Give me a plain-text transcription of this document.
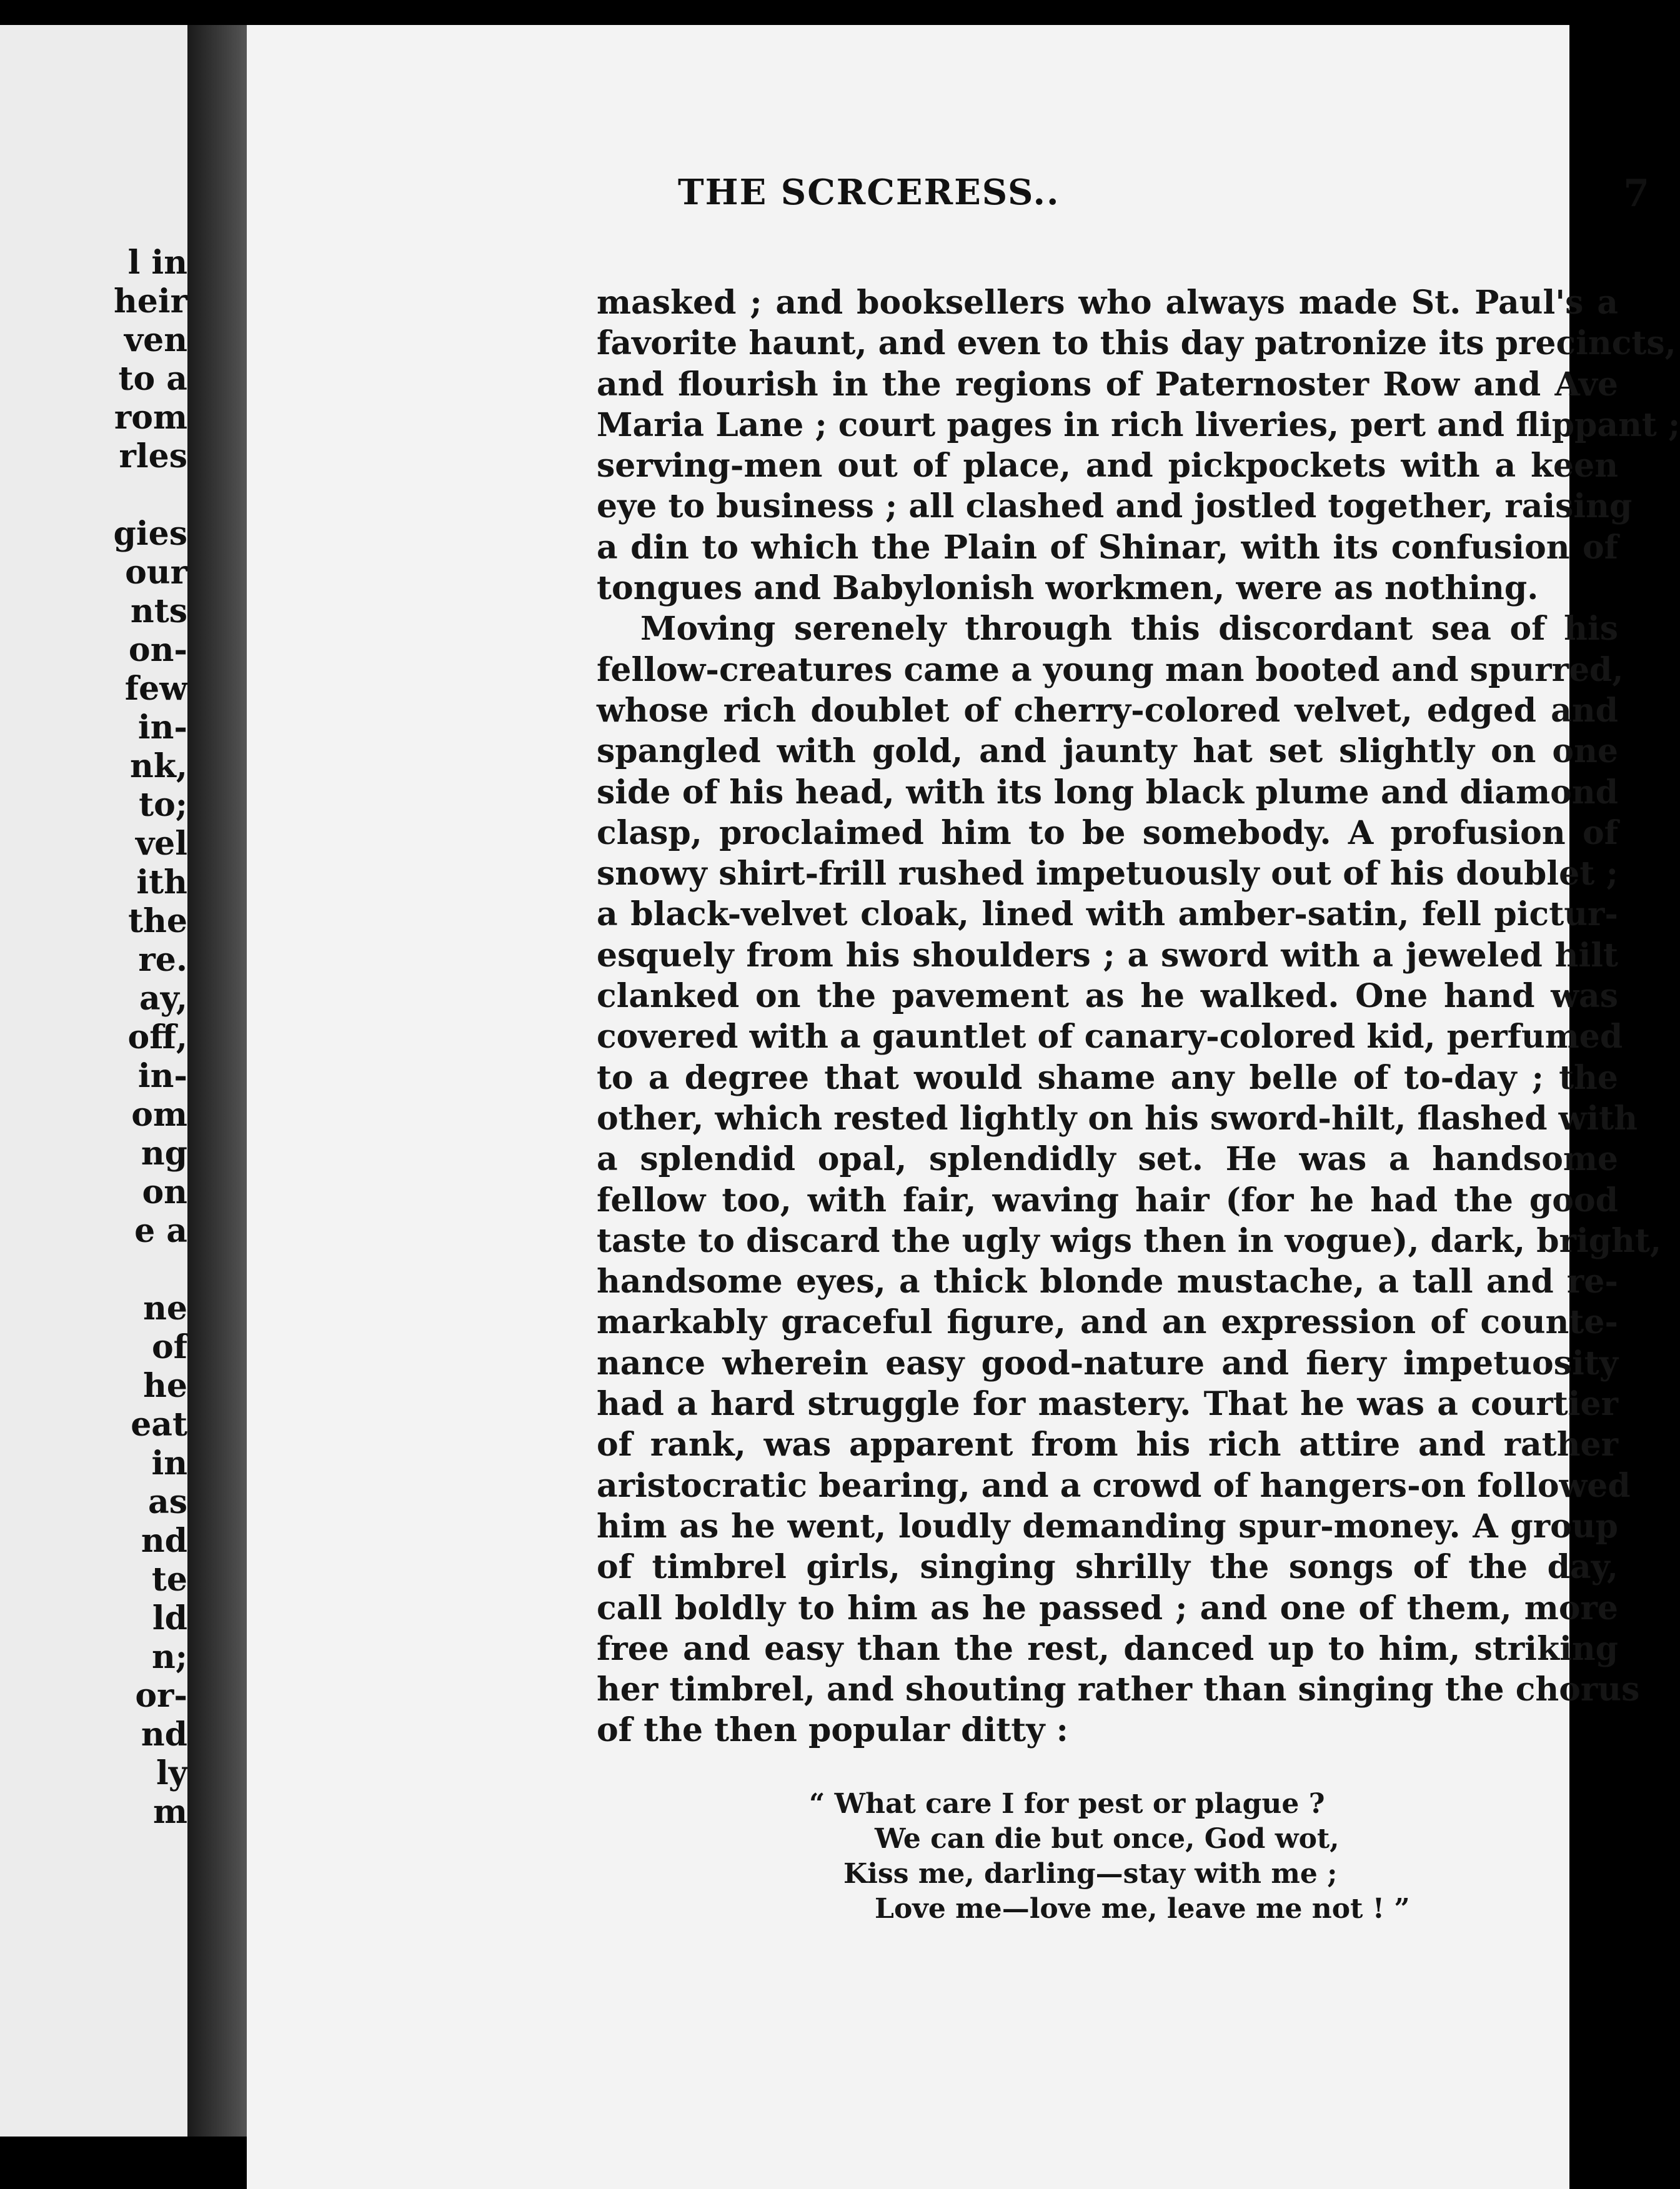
l in
heir
ven
to a
rom
rles
gies
our
nts
on-
few
in-
nk,
to;
vel
ith
the
re.
ay,
off,
in-
om
ng
on
e a
ne
of
he
eat
in
as
nd
te
ld
n;
or-
nd
ly
m
THE SCRCERESS..	7
masked ; and booksellers who always made St. Paul's a
favorite haunt, and even to this day patronize its precincts,
and flourish in the regions of Paternoster Row and Ave
Maria Lane ; court pages in rich liveries, pert and flippant ;
serving-men out of place, and pickpockets with a keen
eye to business ; all clashed and jostled together, raising
a din to which the Plain of Shinar, with its confusion of
tongues and Babylonish workmen, were as nothing.
Moving serenely through this discordant sea of his
fellow-creatures came a young man booted and spurred,
whose rich doublet of cherry-colored velvet, edged and
spangled with gold, and jaunty hat set slightly on one
side of his head, with its long black plume and diamond
clasp, proclaimed him to be somebody. A profusion of
snowy shirt-frill rushed impetuously out of his doublet ;
a black-velvet cloak, lined with amber-satin, fell pictur-
esquely from his shoulders ; a sword with a jeweled hilt
clanked on the pavement as he walked. One hand was
covered with a gauntlet of canary-colored kid, perfumed
to a degree that would shame any belle of to-day ; the
other, which rested lightly on his sword-hilt, flashed with
a splendid opal, splendidly set. He was a handsome
fellow too, with fair, waving hair (for he had the good
taste to discard the ugly wigs then in vogue), dark, bright,
handsome eyes, a thick blonde mustache, a tall and re-
markably graceful figure, and an expression of counte-
nance wherein easy good-nature and fiery impetuosity
had a hard struggle for mastery. That he was a courtier
of rank, was apparent from his rich attire and rather
aristocratic bearing, and a crowd of hangers-on followed
him as he went, loudly demanding spur-money. A group
of timbrel girls, singing shrilly the songs of the day,
call boldly to him as he passed ; and one of them, more
free and easy than the rest, danced up to him, striking
her timbrel, and shouting rather than singing the chorus
of the then popular ditty :
“ What care I for pest or plague ?
We can die but once, God wot,
Kiss me, darling—stay with me ;
Love me—love me, leave me not ! ”
